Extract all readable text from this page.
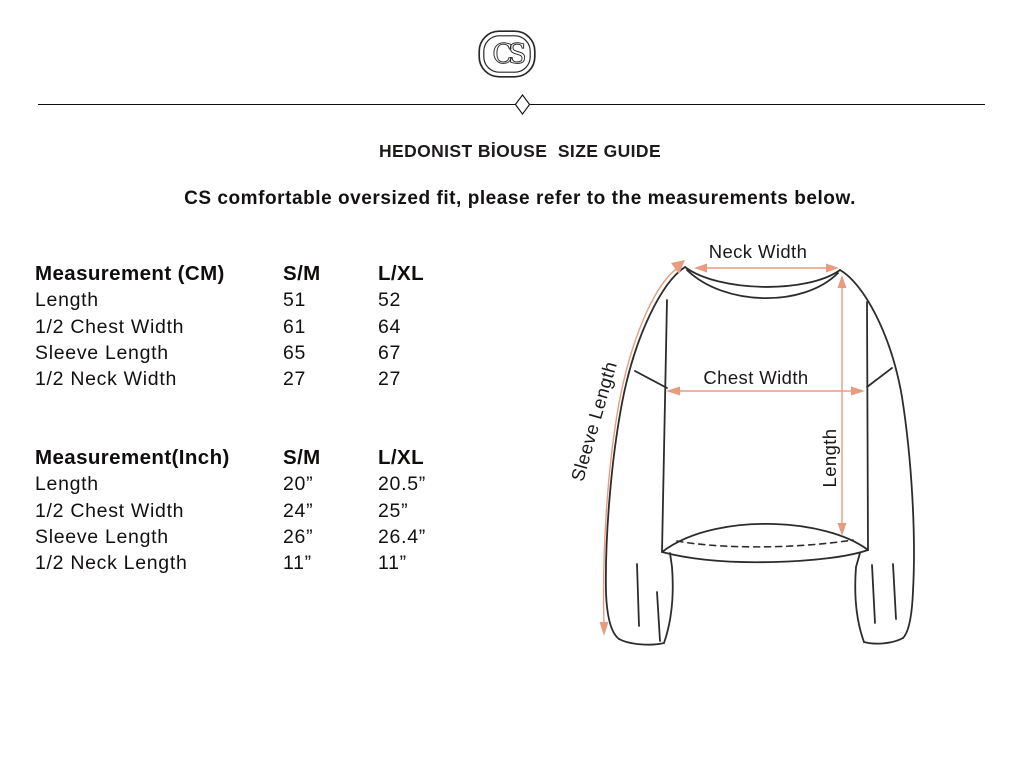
CS
HEDONIST BİOUSE  SIZE GUIDE
CS comfortable oversized fit, please refer to the measurements below.
Measurement (CM)	S/M	L/XL
Length	51	52
1/2 Chest Width	61	64
Sleeve Length	65	67
1/2 Neck Width	27	27
Measurement(Inch)	S/M	L/XL
Length	20”	20.5”
1/2 Chest Width	24”	25”
Sleeve Length	26”	26.4”
1/2 Neck Length	11”	11”
Neck Width
Chest Width
Length
Sleeve Length
